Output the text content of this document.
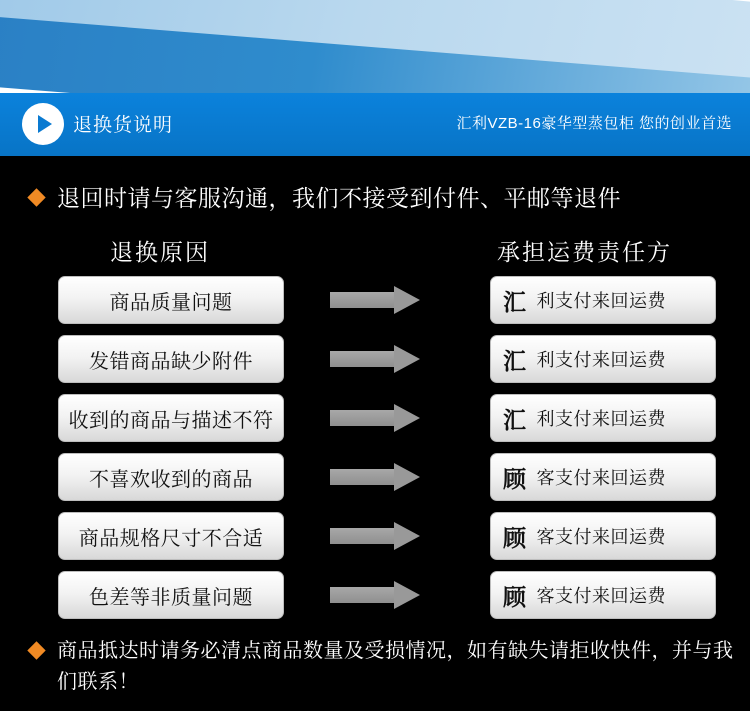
退换货说明	汇利VZB-16豪华型蒸包柜 您的创业首选
退回时请与客服沟通，我们不接受到付件、平邮等退件
退换原因	承担运费责任方
商品质量问题	汇 利支付来回运费
发错商品缺少附件	汇 利支付来回运费
收到的商品与描述不符	汇 利支付来回运费
不喜欢收到的商品	顾 客支付来回运费
商品规格尺寸不合适	顾 客支付来回运费
色差等非质量问题	顾 客支付来回运费
商品抵达时请务必清点商品数量及受损情况，如有缺失请拒收快件，并与我们联系！
